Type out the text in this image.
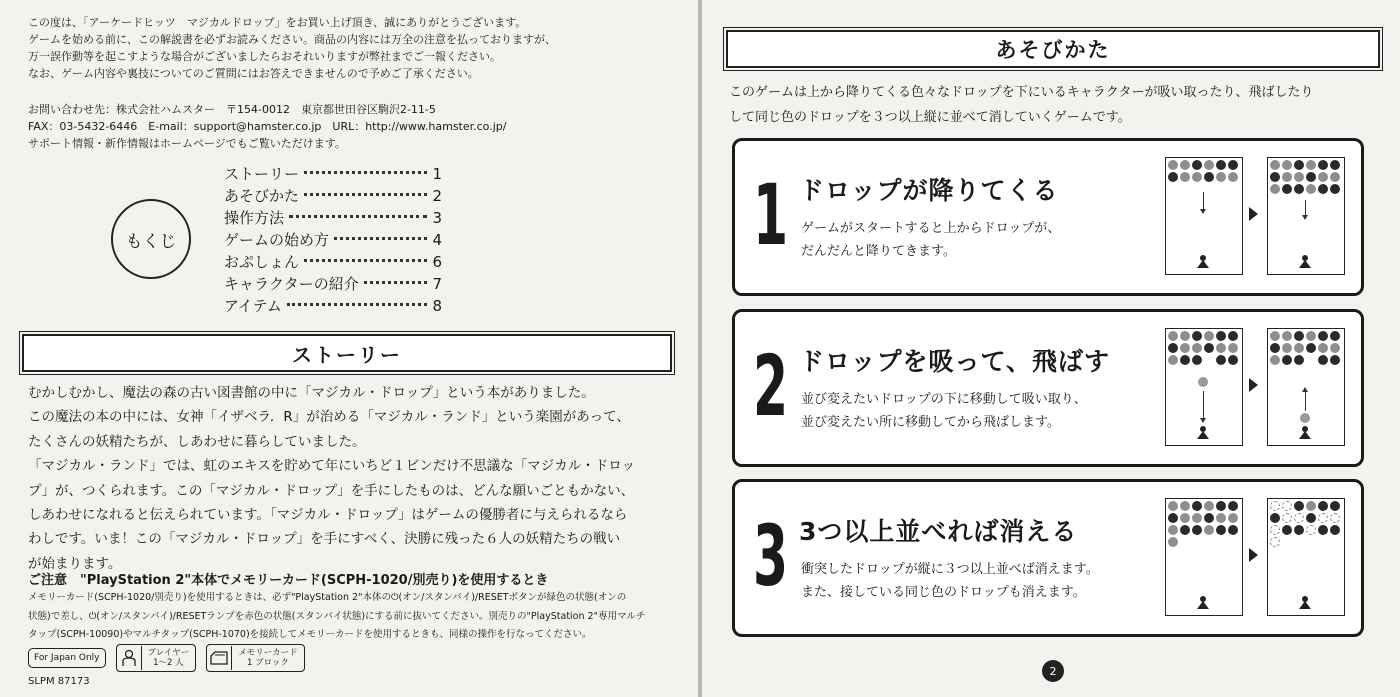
この度は、「アーケードヒッツ　マジカルドロップ」をお買い上げ頂き、誠にありがとうございます。
ゲームを始める前に、この解説書を必ずお読みください。商品の内容には万全の注意を払っておりますが、
万一誤作動等を起こすような場合がございましたらおそれいりますが弊社までご一報ください。
なお、ゲーム内容や裏技についてのご質問にはお答えできませんので予めご了承ください。
お問い合わせ先：株式会社ハムスター　〒154-0012　東京都世田谷区駒沢2-11-5
FAX：03-5432-6446　E-mail：support@hamster.co.jp　URL：http://www.hamster.co.jp/
サポート情報・新作情報はホームページでもご覧いただけます。
もくじ
ストーリー	1
あそびかた	2
操作方法	3
ゲームの始め方	4
おぷしょん	6
キャラクターの紹介	7
アイテム	8
ストーリー
むかしむかし、魔法の森の古い図書館の中に「マジカル・ドロップ」という本がありました。
この魔法の本の中には、女神「イザベラ．R」が治める「マジカル・ランド」という楽園があって、
たくさんの妖精たちが、しあわせに暮らしていました。
「マジカル・ランド」では、虹のエキスを貯めて年にいちど１ビンだけ不思議な「マジカル・ドロッ
プ」が、つくられます。この「マジカル・ドロップ」を手にしたものは、どんな願いごともかない、
しあわせになれると伝えられています。「マジカル・ドロップ」はゲームの優勝者に与えられるなら
わしです。いま！この「マジカル・ドロップ」を手にすべく、決勝に残った６人の妖精たちの戦い
が始まります。
ご注意　"PlayStation 2"本体でメモリーカード(SCPH-1020/別売り)を使用するとき
メモリーカード(SCPH-1020/別売り)を使用するときは、必ず"PlayStation 2"本体の⏻(オン/スタンバイ)/RESETボタンが緑色の状態(オンの
状態)で差し、⏻(オン/スタンバイ)/RESETランプを赤色の状態(スタンバイ状態)にする前に抜いてください。別売りの"PlayStation 2"専用マルチ
タップ(SCPH-10090)やマルチタップ(SCPH-1070)を接続してメモリーカードを使用するときも、同様の操作を行なってください。
For Japan Only	プレイヤー
1～2 人
メモリーカード
1 ブロック
SLPM 87173
あそびかた
このゲームは上から降りてくる色々なドロップを下にいるキャラクターが吸い取ったり、飛ばしたり
して同じ色のドロップを３つ以上縦に並べて消していくゲームです。
1 ドロップが降りてくる
ゲームがスタートすると上からドロップが、
だんだんと降りてきます。
2 ドロップを吸って、飛ばす
並び変えたいドロップの下に移動して吸い取り、
並び変えたい所に移動してから飛ばします。
3 3つ以上並べれば消える
衝突したドロップが縦に３つ以上並べば消えます。
また、接している同じ色のドロップも消えます。
2
